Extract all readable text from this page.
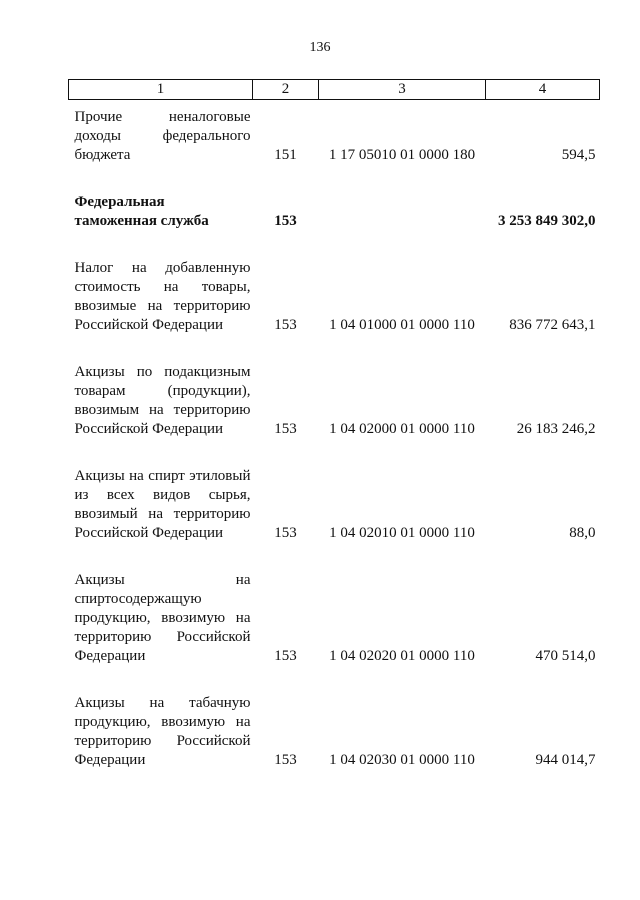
136
1	2	3	4

Прочие неналоговые доходы федерального бюджета	151	1 17 05010 01 0000 180	594,5

Федеральная таможенная служба	153		3 253 849 302,0

Налог на добавленную стоимость на товары, ввозимые на территорию Российской Федерации	153	1 04 01000 01 0000 110	836 772 643,1

Акцизы по подакцизным товарам (продукции), ввозимым на территорию Российской Федерации	153	1 04 02000 01 0000 110	26 183 246,2

Акцизы на спирт этиловый из всех видов сырья, ввозимый на территорию Российской Федерации	153	1 04 02010 01 0000 110	88,0

Акцизы на спиртосодержащую продукцию, ввозимую на территорию Российской Федерации	153	1 04 02020 01 0000 110	470 514,0

Акцизы на табачную продукцию, ввозимую на территорию Российской Федерации	153	1 04 02030 01 0000 110	944 014,7
